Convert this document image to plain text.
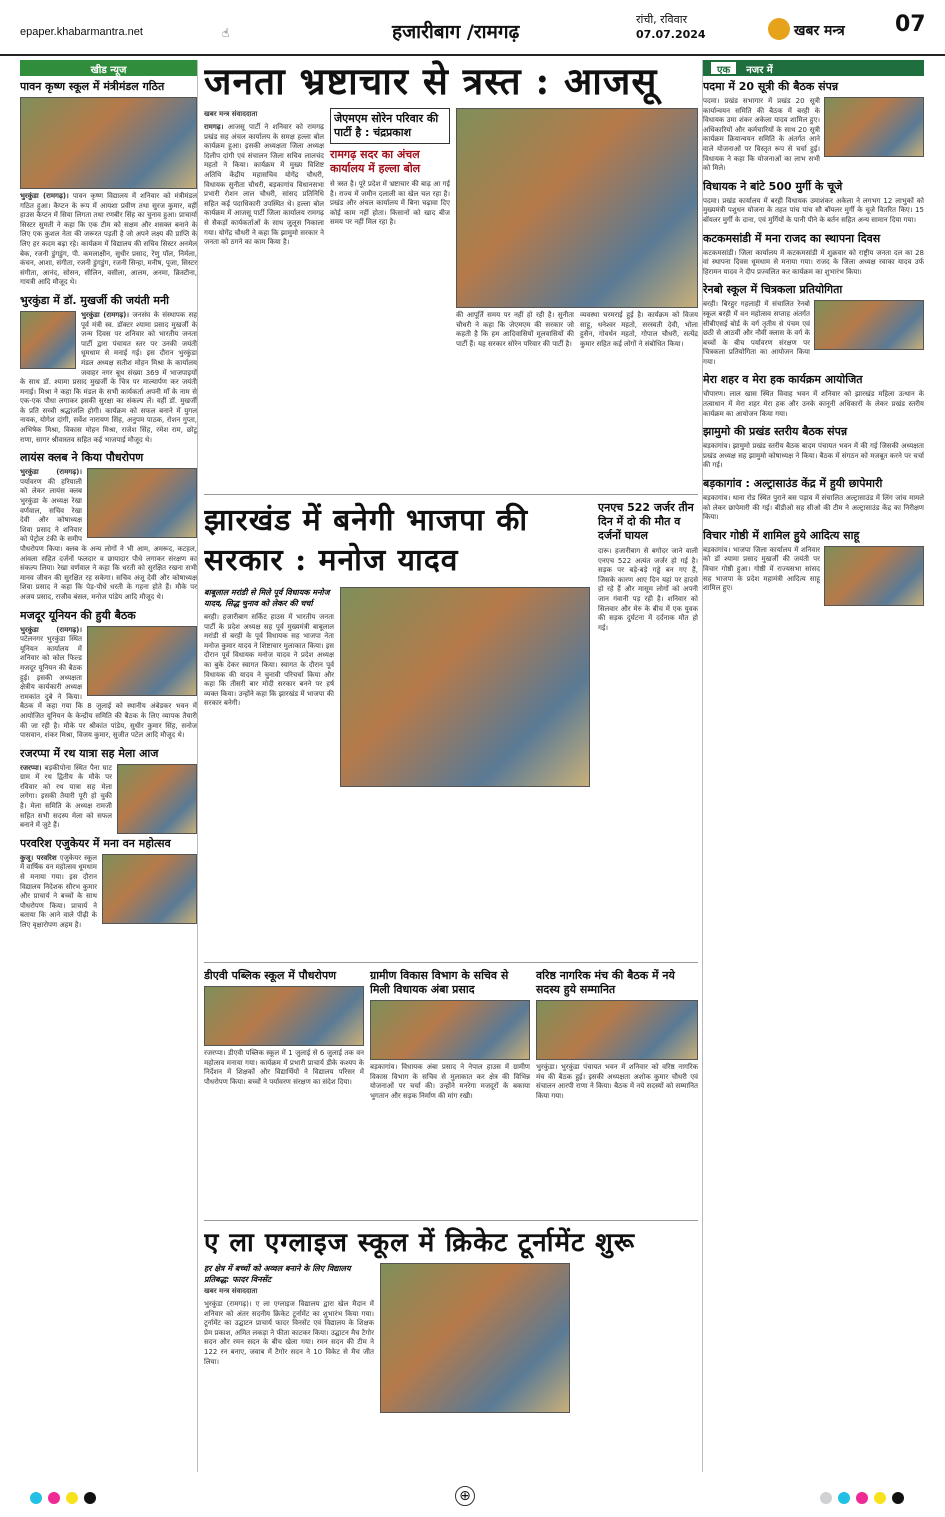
epaper.khabarmantra.net	☝	हजारीबाग /रामगढ़
रांची, रविवार
07.07.2024	खबर मन्त्र 07
खीड न्यूज
पावन कृष्ण स्कूल में मंत्रीमंडल गठित

भुरकुंडा (रामगढ़)। पावन कृष्ण विद्यालय में शनिवार को मंत्रीमंडल गठित हुआ। कैप्टन के रूप में आयशा प्रवीण तथा सुरज कुमार, वहीं हाउस कैप्टन में सिया लिगता तथा रणबीर सिंह का चुनाव हुआ। प्राचार्या सिस्टर सुमती ने कहा कि एक टीम को सक्षम और शसक्त बनाने के लिए एक कुशल नेता की जरूरत पड़ती है जो अपने लक्ष्य की प्राप्ति के लिए हर कदम बढ़ा रहे। कार्यक्रम में विद्यालय की सचिव सिस्टर अनमेल बेक, रजनी डुंगडुंग, पी. कमलाक्षीन, सुधीर प्रसाद, रेणु पॉल, निर्मला, कंचन, आशा, संगीता, रजनी डुंगडुंग, रजनी सिन्हा, मनीष, पूजा, सिस्टर संगीता, आनंद, सोसन, सीलिन, वसीला, आलम, अनमा, क्रिस्टीना, गायत्री आदि मौजूद थे।

भुरकुंडा में डॉ. मुखर्जी की जयंती मनी

भुरकुंडा (रामगढ़)। जनसंघ के संस्थापक सह पूर्व मंत्री स्व. डॉक्टर श्यामा प्रसाद मुखर्जी के जन्म दिवस पर शनिवार को भारतीय जनता पार्टी द्वारा पंचायत स्तर पर उनकी जयंती धूमधाम से मनाई गई। इस दौरान भुरकुंडा मंडल अध्यक्ष सतीश मोहन मिश्रा के कार्यालय जवाहर नगर बूथ संख्या 369 में भाजपाइयों के साथ डॉ. श्यामा प्रसाद मुखर्जी के चित्र पर माल्यार्पण कर जयंती मनाई। मिश्रा ने कहा कि मंडल के सभी कार्यकर्ता अपनी माँ के नाम से एक-एक पौधा लगाकर इसकी सुरक्षा का संकल्प लें। वहीं डॉ. मुखर्जी के प्रति सच्ची श्रद्धांजलि होगी। कार्यक्रम को सफल बनाने में युगल नायक, योगेश दांगी, सर्वेश नारायण सिंह, अनुपम पाठक, रोशन गुप्ता, अभिषेक मिश्रा, विकास मोहन मिश्रा, राजेश सिंह, रमेश राम, छोटू राणा, सागर श्रीवास्तव सहित कई भाजपाई मौजूद थे।

लायंस क्लब ने किया पौधरोपण

भुरकुंडा (रामगढ़)। पर्यावरण की हरियाली को लेकर लायंस क्लब भुरकुंडा के अध्यक्ष रेखा वर्णवाल, सचिव रेखा देवी और कोषाध्यक्ष शिवा प्रसाद ने शनिवार को पेट्रोल टंकी के समीप पौधरोपण किया। क्लब के अन्य लोगों ने भी आम, अमरूद, कटहल, आंवला सहित दर्जनों फलदार व छायादार पौधे लगाकर संरक्षण का संकल्प लिया। रेखा वर्णवाल ने कहा कि धरती को सुरक्षित रखना सभी मानव जीवन की सुरक्षित रह सकेगा। सचिव अंजू देवी और कोषाध्यक्ष शिवा प्रसाद ने कहा कि पेड़-पौधे धरती के गहना होते हैं। मौके पर अजय प्रसाद, राजीव बंसल, मनोज पांडेय आदि मौजूद थे।

मजदूर यूनियन की हुयी बैठक

भुरकुंडा (रामगढ़)। पटेलनगर भुरकुंडा स्थित यूनियन कार्यालय में शनिवार को कोल फिल्ड मजदूर यूनियन की बैठक हुई। इसकी अध्यक्षता क्षेत्रीय कार्यकारी अध्यक्ष रामकांत दुबे ने किया। बैठक में कहा गया कि 8 जुलाई को स्थानीय अंबेडकर भवन में आयोजित यूनियन के केन्द्रीय समिति की बैठक के लिए व्यापक तैयारी की जा रही है। मौके पर श्रीकांत पांडेय, सुधीर कुमार सिंह, सनोज पासवान, शंकर मिश्रा, विजय कुमार, सुजीत पटेल आदि मौजूद थे।

रजरप्पा में रथ यात्रा सह मेला आज

रजरप्पा। बड़कीपोना स्थित पैना घाट ग्राम में रथ द्वितीय के मौके पर रविवार को रथ यात्रा सह मेला लगेगा। इसकी तैयारी पूरी हो चुकी है। मेला समिति के अध्यक्ष रामजी सहित सभी सदस्य मेला को सफल बनाने में जुटे हैं।

परवरिश एजुकेयर में मना वन महोत्सव

कुजू। परवरिश एजुकेयर स्कूल में वार्षिक वन महोत्सव धूमधाम से मनाया गया। इस दौरान विद्यालय निदेशक सौरभ कुमार और प्राचार्य ने बच्चों के साथ पौधरोपण किया। प्राचार्य ने बताया कि आने वाले पीढ़ी के लिए वृक्षारोपण अहम है।

जनता भ्रष्टाचार से त्रस्त : आजसू
खबर मन्त्र संवाददाता

रामगढ़। आजसू पार्टी ने शनिवार को रामगढ़ प्रखंड सह अंचल कार्यालय के समक्ष हल्ला बोल कार्यक्रम हुआ। इसकी अध्यक्षता जिला अध्यक्ष दिलीप दांगी एवं संचालन जिला सचिव लालचंद महतो ने किया। कार्यक्रम में मुख्य विशिष्ट अतिथि केंद्रीय महासचिव योगेंद्र चौधरी, विधायक सुनीता चौधरी, बड़कागांव विधानसभा प्रभारी रोशन लाल चौधरी, सांसद प्रतिनिधि सहित कई पदाधिकारी उपस्थित थे। हल्ला बोल कार्यक्रम में आजसू पार्टी जिला कार्यालय रामगढ़ से सैकड़ों कार्यकर्ताओं के साथ जुलूस निकाला गया। योगेंद्र चौधरी ने कहा कि झामुमो सरकार ने जनता को ठगने का काम किया है।

जेएमएम सोरेन परिवार की पार्टी है : चंद्रप्रकाश
रामगढ़ सदर का अंचल कार्यालय में हल्ला बोल

से त्रस्त है। पूरे प्रदेश में भ्रष्टाचार की बाढ़ आ गई है। राज्य में जमीन दलाली का खेल चल रहा है। प्रखंड और अंचल कार्यालय में बिना चढ़ावा दिए कोई काम नहीं होता। किसानों को खाद बीज समय पर नहीं मिल रहा है।

की आपूर्ति समय पर नहीं हो रही है। सुनीता चौधरी ने कहा कि जेएमएम की सरकार जो कहती है कि हम आदिवासियों मूलवासियों की पार्टी हैं। यह सरकार सोरेन परिवार की पार्टी है।

व्यवस्था चरमराई हुई है। कार्यक्रम को विजय साहू, धनेश्वर महतो, सरस्वती देवी, भोला हुसैन, गोवर्धन महतो, गोपाल चौधरी, सत्येंद्र कुमार सहित कई लोगों ने संबोधित किया।

झारखंड में बनेगी भाजपा की सरकार : मनोज यादव
बाबूलाल मरांडी से मिले पूर्व विधायक मनोज यादव, सिद्ध चुनाव को लेकर की चर्चा

बरही। हजारीबाग सर्किट हाउस में भारतीय जनता पार्टी के प्रदेश अध्यक्ष सह पूर्व मुख्यमंत्री बाबूलाल मरांडी से बरही के पूर्व विधायक सह भाजपा नेता मनोज कुमार यादव ने शिष्टाचार मुलाकात किया। इस दौरान पूर्व विधायक मनोज यादव ने प्रदेश अध्यक्ष का बुके देकर स्वागत किया। स्वागत के दौरान पूर्व विधायक की यादव ने चुनावी परिचर्चा किया और कहा कि तीसरी बार मोदी सरकार बनने पर हर्ष व्यक्त किया। उन्होंने कहा कि झारखंड में भाजपा की सरकार बनेगी।

एनएच 522 जर्जर तीन दिन में दो की मौत व दर्जनों घायल

दारू। हजारीबाग से बगोदर जाने वाली एनएच 522 अत्यंत जर्जर हो गई है। सड़क पर बड़े-बड़े गड्ढे बन गए हैं, जिसके कारण आए दिन यहां पर हादसे हो रहे हैं और मासूम लोगों को अपनी जान गंवानी पड़ रही है। शनिवार को सिलवार और मेरु के बीच में एक युवक की सड़क दुर्घटना में दर्दनाक मौत हो गई।

डीएवी पब्लिक स्कूल में पौधरोपण

रजरप्पा। डीएवी पब्लिक स्कूल में 1 जुलाई से 6 जुलाई तक वन महोत्सव मनाया गया। कार्यक्रम में प्रभारी प्राचार्य डीके कश्यप के निर्देशन में शिक्षकों और विद्यार्थियों ने विद्यालय परिसर में पौधरोपण किया। बच्चों ने पर्यावरण संरक्षण का संदेश दिया।

ग्रामीण विकास विभाग के सचिव से मिली विधायक अंबा प्रसाद

बड़कागांव। विधायक अंबा प्रसाद ने नेपाल हाउस में ग्रामीण विकास विभाग के सचिव से मुलाकात कर क्षेत्र की विभिन्न योजनाओं पर चर्चा की। उन्होंने मनरेगा मजदूरों के बकाया भुगतान और सड़क निर्माण की मांग रखी।

वरिष्ठ नागरिक मंच की बैठक में नये सदस्य हुये सम्मानित

भुरकुंडा। भुरकुंडा पंचायत भवन में शनिवार को वरिष्ठ नागरिक मंच की बैठक हुई। इसकी अध्यक्षता अशोक कुमार चौधरी एवं संचालन आरपी राणा ने किया। बैठक में नये सदस्यों को सम्मानित किया गया।

ए ला एग्लाइज स्कूल में क्रिकेट टूर्नामेंट शुरू
हर क्षेत्र में बच्चों को अव्वल बनाने के लिए विद्यालय प्रतिबद्ध: फादर विनसेंट
खबर मन्त्र संवाददाता

भुरकुंडा (रामगढ़)। ए ला एग्लाइज विद्यालय द्वारा खेल मैदान में शनिवार को अंतर सदनीय क्रिकेट टूर्नामेंट का शुभारंभ किया गया। टूर्नामेंट का उद्घाटन प्राचार्य फादर विनसेंट एवं विद्यालय के शिक्षक प्रेम प्रकाश, अमित लकड़ा ने फीता काटकर किया। उद्घाटन मैच टैगोर सदन और रमन सदन के बीच खेला गया। रमन सदन की टीम ने 122 रन बनाए, जवाब में टैगोर सदन ने 10 विकेट से मैच जीत लिया।

एक	नजर में
पदमा में 20 सूत्री की बैठक संपन्न

पदमा। प्रखंड सभागार में प्रखंड 20 सूत्री कार्यान्वयन समिति की बैठक में बरही के विधायक उमा शंकर अकेला यादव शामिल हुए। अधिकारियों और कर्मचारियों के साथ 20 सूत्री कार्यक्रम क्रियान्वयन समिति के अंतर्गत आने वाले योजनाओं पर विस्तृत रूप से चर्चा हुई। विधायक ने कहा कि योजनाओं का लाभ सभी को मिले।

विधायक ने बांटे 500 मुर्गी के चूजे

पदमा। प्रखंड कार्यालय में बरही विधायक उमाशंकर अकेला ने लगभग 12 लाभुकों को मुख्यमंत्री पशुधन योजना के तहत पांच पांच सौ बॉयलर मुर्गी के चूजे वितरित किए। 15 बॉयलर मुर्गी के दाना, एवं मुर्गियों के पानी पीने के बर्तन सहित अन्य सामान दिया गया।

कटकमसांडी में मना राजद का स्थापना दिवस

कटकमसांडी। जिला कार्यालय में कटकमसांडी में शुक्रवार को राष्ट्रीय जनता दल का 28 वां स्थापना दिवस धूमधाम से मनाया गया। राजद के जिला अध्यक्ष रवाका यादव उर्फ हिरामन यादव ने दीप प्रज्वलित कर कार्यक्रम का शुभारंभ किया।

रेनबो स्कूल में चित्रकला प्रतियोगिता

बरही। बिरहुर गहलाही में संचालित रेनबो स्कूल बरही में वन महोत्सव सप्ताह अंतर्गत सीबीएसई बोर्ड के वर्ग तृतीय से पंचम एवं छठी से आठवीं और नौवीं क्लास के वर्ग के बच्चों के बीच पर्यावरण संरक्षण पर चित्रकला प्रतियोगिता का आयोजन किया गया।

मेरा शहर व मेरा हक कार्यक्रम आयोजित

चौपारण। लाल खास स्थित विवाह भवन में शनिवार को झारखंड महिला उत्थान के तत्वाधान में मेरा शहर मेरा हक और उनके कानूनी अधिकारों के लेकर प्रखंड स्तरीय कार्यक्रम का आयोजन किया गया।

झामुमो की प्रखंड स्तरीय बैठक संपन्न

बड़कागांव। झामुमो प्रखंड स्तरीय बैठक बादम पंचायत भवन में की गई जिसकी अध्यक्षता प्रखंड अध्यक्ष सह झामुमो कोषाध्यक्ष ने किया। बैठक में संगठन को मजबूत करने पर चर्चा की गई।

बड़कागांव : अल्ट्रासाउंड केंद्र में हुयी छापेमारी

बड़कागांव। थाना रोड स्थित पुराने बस पड़ाव में संचालित अल्ट्रासाउंड में लिंग जांच मामले को लेकर छापेमारी की गई। बीडीओ सह सीओ की टीम ने अल्ट्रासाउंड केंद्र का निरीक्षण किया।

विचार गोष्ठी में शामिल हुये आदित्य साहू

बड़कागांव। भाजपा जिला कार्यालय में शनिवार को डॉ श्यामा प्रसाद मुखर्जी की जयंती पर विचार गोष्ठी हुआ। गोष्ठी में राज्यसभा सांसद सह भाजपा के प्रदेश महामंत्री आदित्य साहू शामिल हुए।

⊕
